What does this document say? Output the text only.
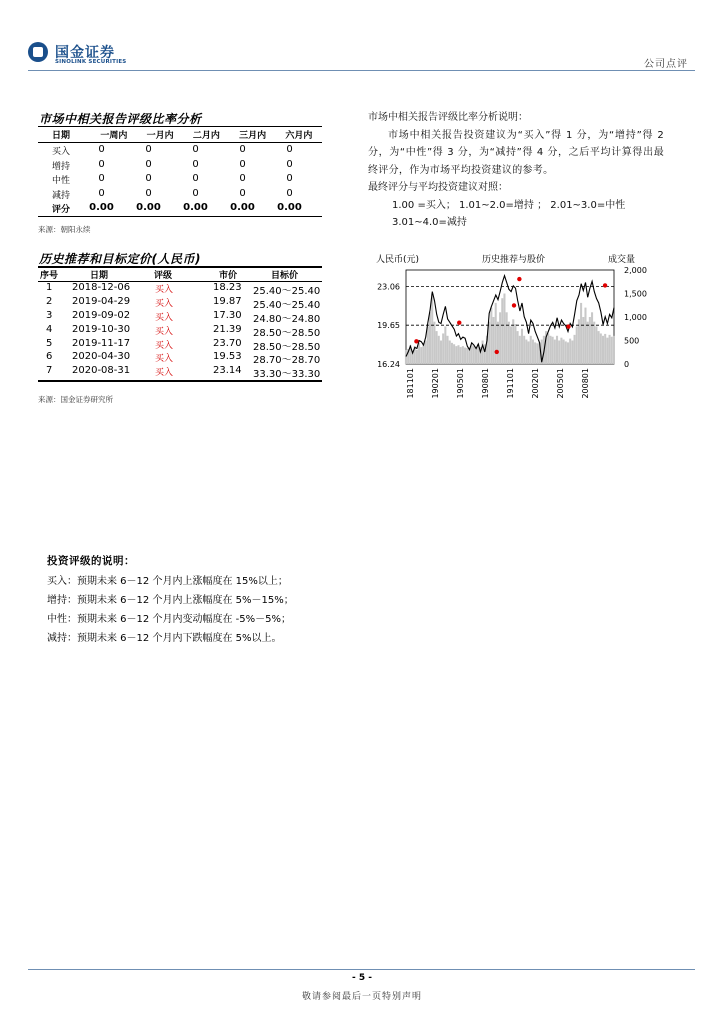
国金证券
SINOLINK SECURITIES	公司点评
市场中相关报告评级比率分析
日期	一周内	一月内	二月内	三月内	六月内
买入	0	0	0	0	0
增持	0	0	0	0	0
中性	0	0	0	0	0
减持	0	0	0	0	0
评分	0.00	0.00	0.00	0.00	0.00
来源：朝阳永续
市场中相关报告评级比率分析说明：
市场中相关报告投资建议为“买入”得 1 分，为“增持”得 2 分，为“中性”得 3 分，为“减持”得 4 分，之后平均计算得出最终评分，作为市场平均投资建议的参考。
最终评分与平均投资建议对照：
1.00 =买入； 1.01~2.0=增持 ； 2.01~3.0=中性
3.01~4.0=减持
历史推荐和目标定价(人民币)
序号	日期	评级	市价	目标价
1 2018-12-06	买入	18.23 25.40～25.40
2 2019-04-29	买入	19.87 25.40～25.40
3 2019-09-02	买入	17.30 24.80～24.80
4 2019-10-30	买入	21.39 28.50～28.50
5 2019-11-17	买入	23.70 28.50～28.50
6 2020-04-30	买入	19.53 28.70～28.70
7 2020-08-31	买入	23.14 33.30～33.30
来源：国金证券研究所
人民币(元)	历史推荐与股价	成交量
23.06
19.65
16.24
2,000
1,500
1,000
500
0
181101 190201 190501 190801 191101 200201 200501 200801
投资评级的说明：
买入：预期未来 6－12 个月内上涨幅度在 15%以上；
增持：预期未来 6－12 个月内上涨幅度在 5%－15%；
中性：预期未来 6－12 个月内变动幅度在 -5%－5%；
减持：预期未来 6－12 个月内下跌幅度在 5%以上。
- 5 -
敬请参阅最后一页特别声明
